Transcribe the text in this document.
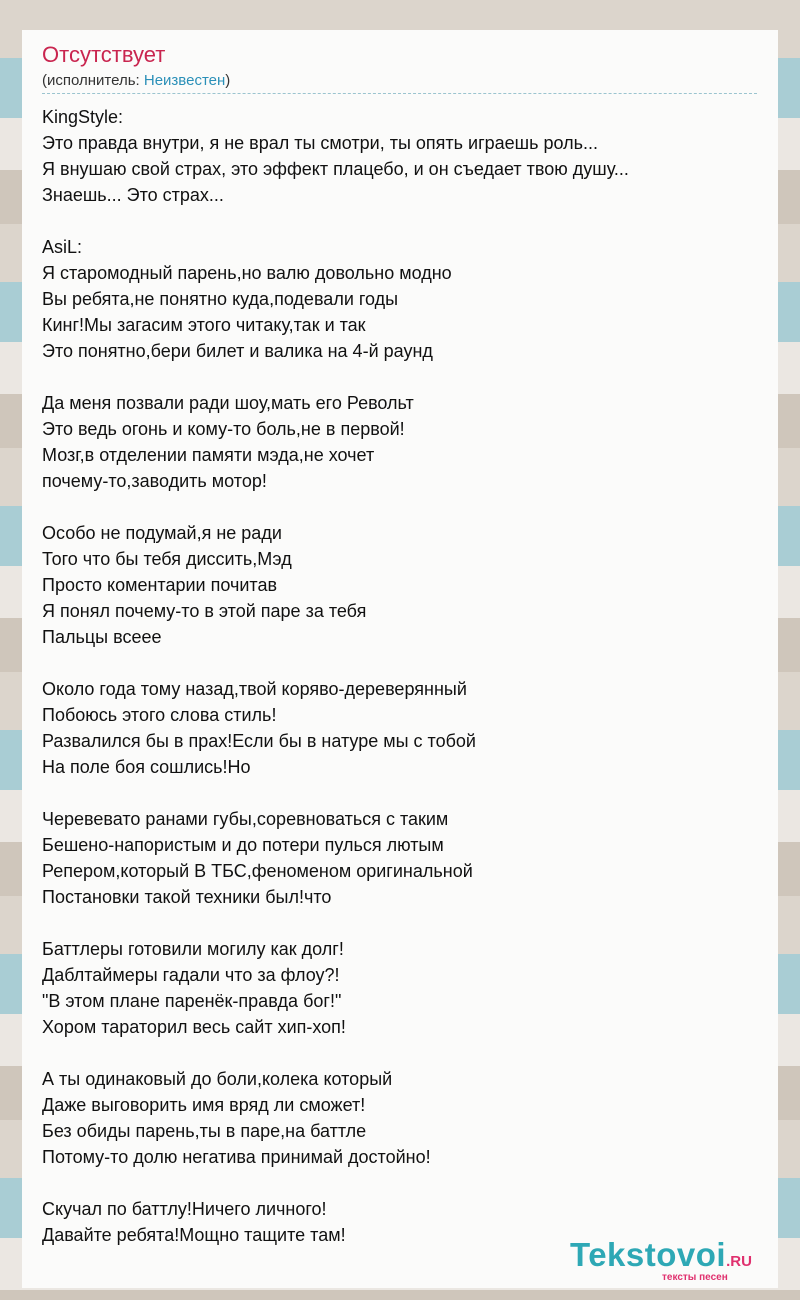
Отсутствует
(исполнитель: Неизвестен)
KingStyle:
Это правда внутри, я не врал ты смотри, ты опять играешь роль...
Я внушаю свой страх, это эффект плацебо, и он съедает твою душу...
Знаешь... Это страх...
AsiL:
Я старомодный парень,но валю довольно модно
Вы ребята,не понятно куда,подевали годы
Кинг!Мы загасим этого читаку,так и так
Это понятно,бери билет и валика на 4-й раунд
Да меня позвали ради шоу,мать его Револьт
Это ведь огонь и кому-то боль,не в первой!
Мозг,в отделении памяти мэда,не хочет
почему-то,заводить мотор!
Особо не подумай,я не ради
Того что бы тебя диссить,Мэд
Просто коментарии почитав
Я понял почему-то в этой паре за тебя
Пальцы всеее
Около года тому назад,твой коряво-дереверянный
Побоюсь этого слова стиль!
Развалился бы в прах!Если бы в натуре мы с тобой
На поле боя сошлись!Но
Черевевато ранами губы,соревноваться с таким
Бешено-напористым и до потери пулься лютым
Репером,который В ТБС,феноменом оригинальной
Постановки такой техники был!что
Баттлеры готовили могилу как долг!
Даблтаймеры гадали что за флоу?!
"В этом плане паренёк-правда бог!"
Хором тараторил весь сайт хип-хоп!
А ты одинаковый до боли,колека который
Даже выговорить имя вряд ли сможет!
Без обиды парень,ты в паре,на баттле
Потому-то долю негатива принимай достойно!
Скучал по баттлу!Ничего личного!
Давайте ребята!Мощно тащите там!
Tekstovoi.RU
тексты песен
